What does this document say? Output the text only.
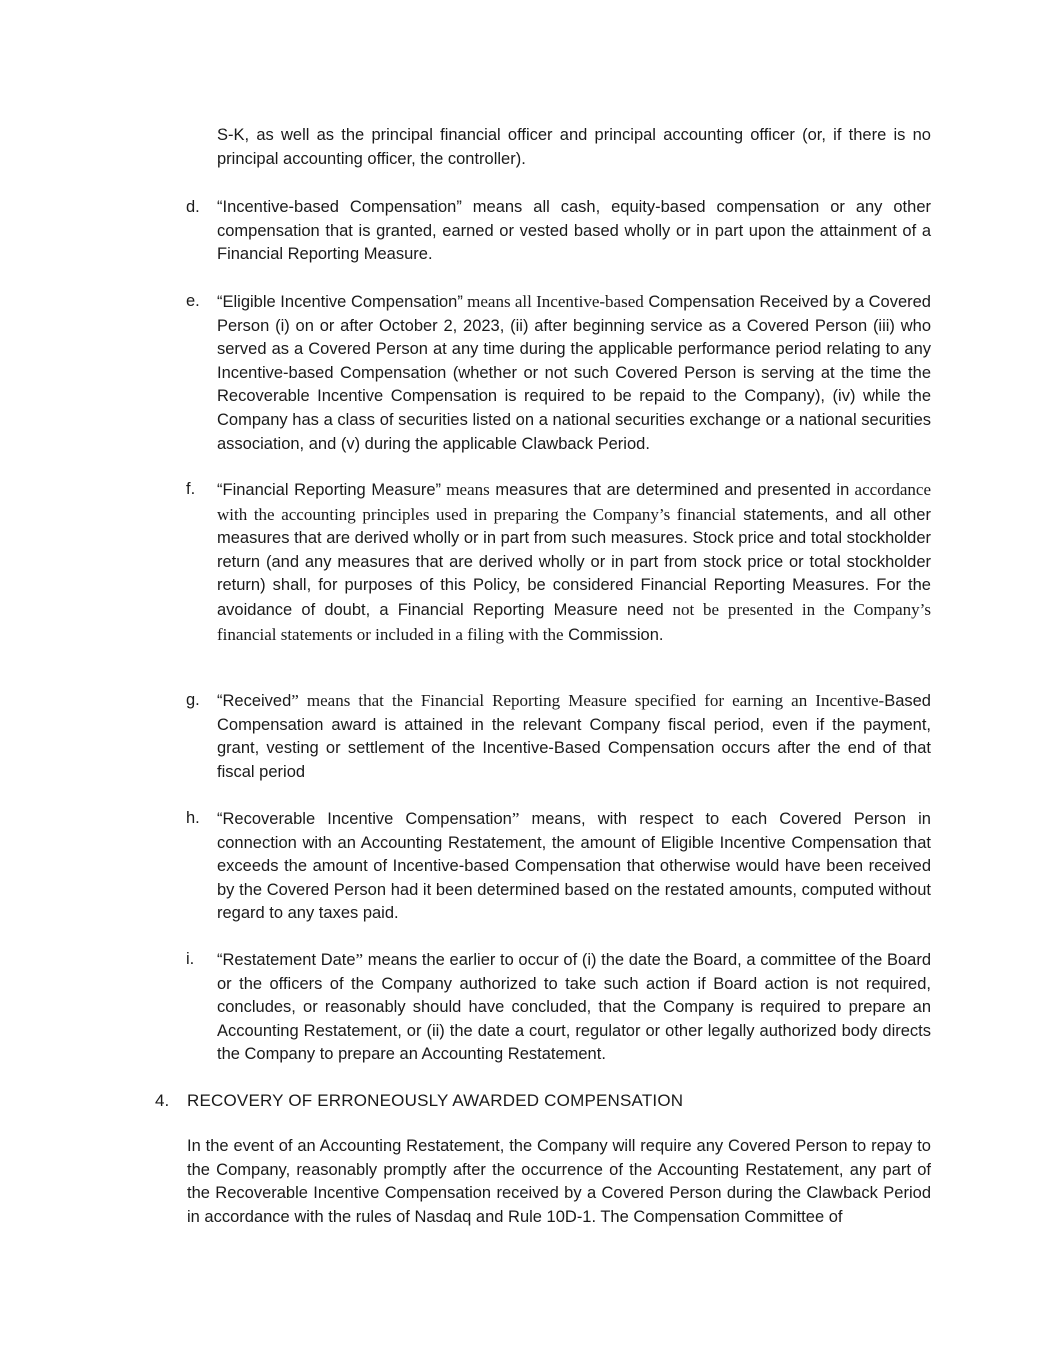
S-K, as well as the principal financial officer and principal accounting officer (or, if there is no principal accounting officer, the controller).

d. “Incentive-based Compensation” means all cash, equity-based compensation or any other compensation that is granted, earned or vested based wholly or in part upon the attainment of a Financial Reporting Measure.

e. “Eligible Incentive Compensation” means all Incentive-based Compensation Received by a Covered Person (i) on or after October 2, 2023, (ii) after beginning service as a Covered Person (iii) who served as a Covered Person at any time during the applicable performance period relating to any Incentive-based Compensation (whether or not such Covered Person is serving at the time the Recoverable Incentive Compensation is required to be repaid to the Company), (iv) while the Company has a class of securities listed on a national securities exchange or a national securities association, and (v) during the applicable Clawback Period.

f. “Financial Reporting Measure” means measures that are determined and presented in accordance with the accounting principles used in preparing the Company’s financial statements, and all other measures that are derived wholly or in part from such measures. Stock price and total stockholder return (and any measures that are derived wholly or in part from stock price or total stockholder return) shall, for purposes of this Policy, be considered Financial Reporting Measures. For the avoidance of doubt, a Financial Reporting Measure need not be presented in the Company’s financial statements or included in a filing with the Commission.

g. “Received” means that the Financial Reporting Measure specified for earning an Incentive-Based Compensation award is attained in the relevant Company fiscal period, even if the payment, grant, vesting or settlement of the Incentive-Based Compensation occurs after the end of that fiscal period

h. “Recoverable Incentive Compensation” means, with respect to each Covered Person in connection with an Accounting Restatement, the amount of Eligible Incentive Compensation that exceeds the amount of Incentive-based Compensation that otherwise would have been received by the Covered Person had it been determined based on the restated amounts, computed without regard to any taxes paid.

i. “Restatement Date” means the earlier to occur of (i) the date the Board, a committee of the Board or the officers of the Company authorized to take such action if Board action is not required, concludes, or reasonably should have concluded, that the Company is required to prepare an Accounting Restatement, or (ii) the date a court, regulator or other legally authorized body directs the Company to prepare an Accounting Restatement.

4. RECOVERY OF ERRONEOUSLY AWARDED COMPENSATION

In the event of an Accounting Restatement, the Company will require any Covered Person to repay to the Company, reasonably promptly after the occurrence of the Accounting Restatement, any part of the Recoverable Incentive Compensation received by a Covered Person during the Clawback Period in accordance with the rules of Nasdaq and Rule 10D-1. The Compensation Committee of
